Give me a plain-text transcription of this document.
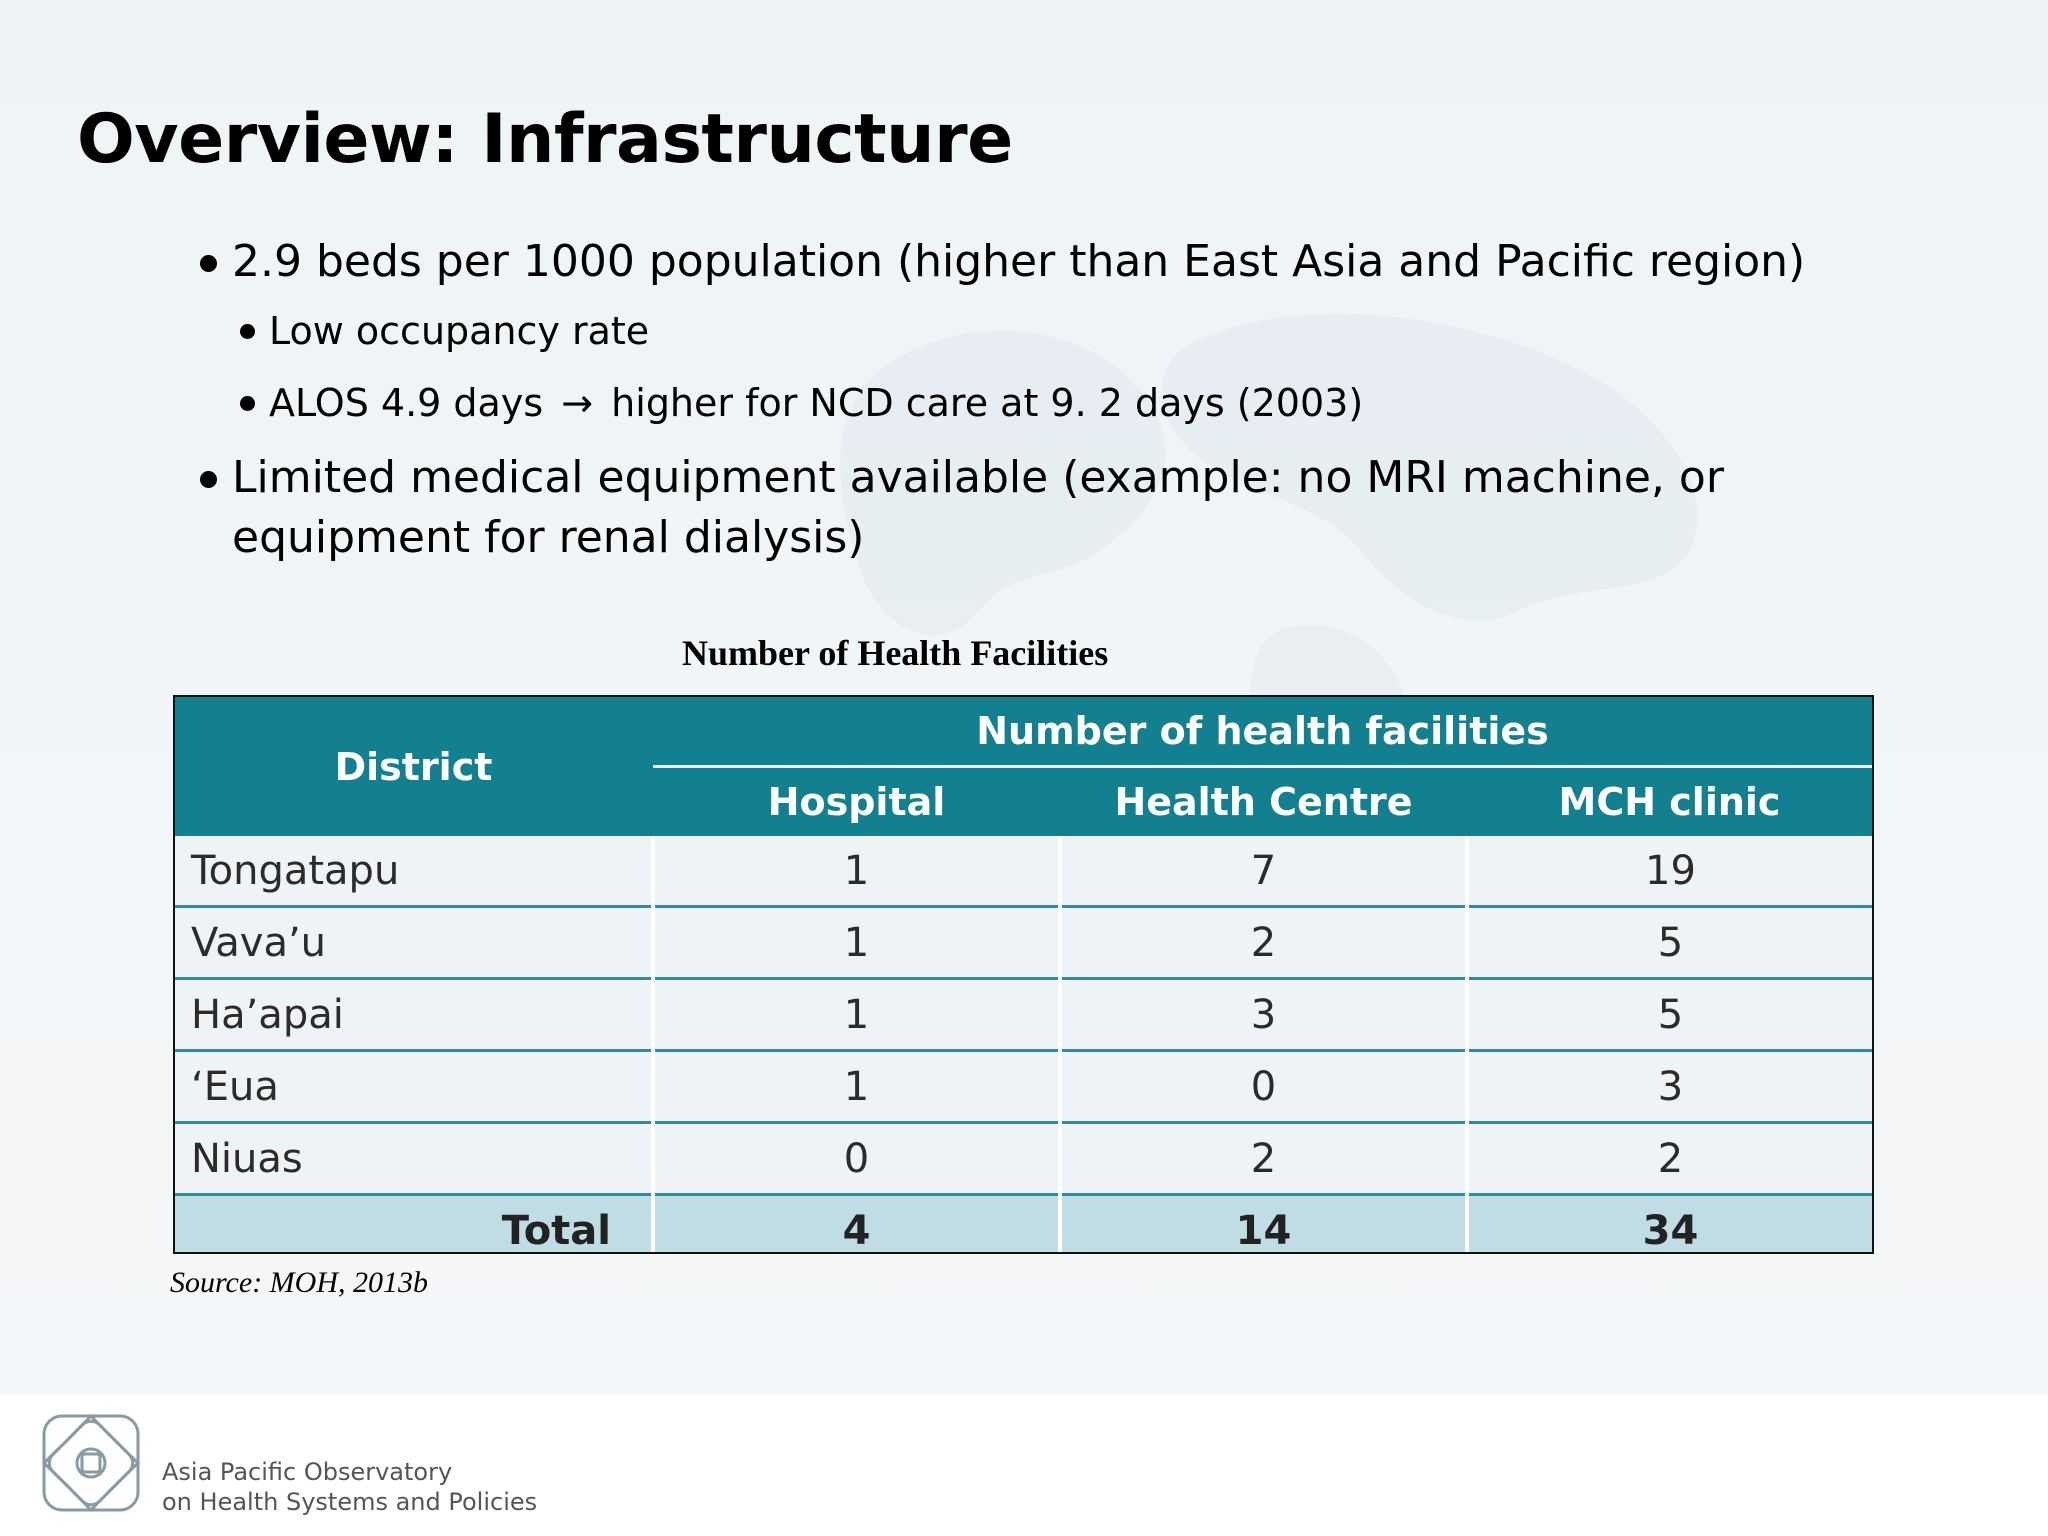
Overview: Infrastructure
2.9 beds per 1000 population (higher than East Asia and Pacific region)
Low occupancy rate
ALOS 4.9 days → higher for NCD care at 9. 2 days (2003)
Limited medical equipment available (example: no MRI machine, or equipment for renal dialysis)
Number of Health Facilities
District	Number of health facilities		
	Hospital	Health Centre	MCH clinic
Tongatapu	1	7	19
Vava’u	1	2	5
Ha’apai	1	3	5
‘Eua	1	0	3
Niuas	0	2	2
Total	4	14	34
Source: MOH, 2013b
Asia Pacific Observatory
on Health Systems and Policies
